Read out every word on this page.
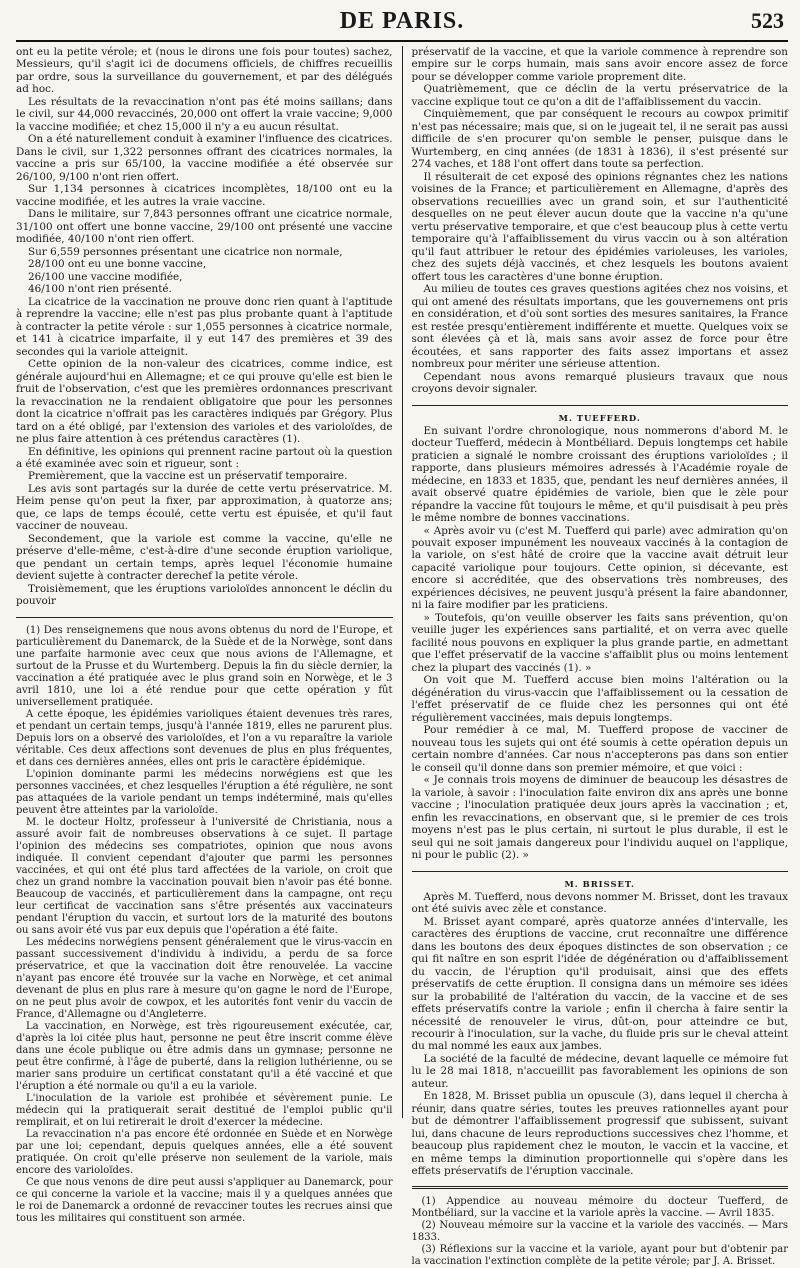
DE PARIS.	523

ont eu la petite vérole; et (nous le dirons une fois pour toutes) sachez, Messieurs, qu'il s'agit ici de documens officiels, de chiffres recueillis par ordre, sous la surveillance du gouvernement, et par des délégués ad hoc.

Les résultats de la revaccination n'ont pas été moins saillans; dans le civil, sur 44,000 revaccinés, 20,000 ont offert la vraie vaccine; 9,000 la vaccine modifiée; et chez 15,000 il n'y a eu aucun résultat.

On a été naturellement conduit à examiner l'influence des cicatrices. Dans le civil, sur 1,322 personnes offrant des cicatrices normales, la vaccine a pris sur 65/100, la vaccine modifiée a été observée sur 26/100, 9/100 n'ont rien offert.

Sur 1,134 personnes à cicatrices incomplètes, 18/100 ont eu la vaccine modifiée, et les autres la vraie vaccine.

Dans le militaire, sur 7,843 personnes offrant une cicatrice normale, 31/100 ont offert une bonne vaccine, 29/100 ont présenté une vaccine modifiée, 40/100 n'ont rien offert.

Sur 6,559 personnes présentant une cicatrice non normale,

28/100 ont eu une bonne vaccine,

26/100 une vaccine modifiée,

46/100 n'ont rien présenté.

La cicatrice de la vaccination ne prouve donc rien quant à l'aptitude à reprendre la vaccine; elle n'est pas plus probante quant à l'aptitude à contracter la petite vérole : sur 1,055 personnes à cicatrice normale, et 141 à cicatrice imparfaite, il y eut 147 des premières et 39 des secondes qui la variole atteignit.

Cette opinion de la non-valeur des cicatrices, comme indice, est générale aujourd'hui en Allemagne; et ce qui prouve qu'elle est bien le fruit de l'observation, c'est que les premières ordonnances prescrivant la revaccination ne la rendaient obligatoire que pour les personnes dont la cicatrice n'offrait pas les caractères indiqués par Grégory. Plus tard on a été obligé, par l'extension des varioles et des varioloïdes, de ne plus faire attention à ces prétendus caractères (1).

En définitive, les opinions qui prennent racine partout où la question a été examinée avec soin et rigueur, sont :

Premièrement, que la vaccine est un préservatif temporaire.

Les avis sont partagés sur la durée de cette vertu préservatrice. M. Heim pense qu'on peut la fixer, par approximation, à quatorze ans; que, ce laps de temps écoulé, cette vertu est épuisée, et qu'il faut vacciner de nouveau.

Secondement, que la variole est comme la vaccine, qu'elle ne préserve d'elle-même, c'est-à-dire d'une seconde éruption variolique, que pendant un certain temps, après lequel l'économie humaine devient sujette à contracter derechef la petite vérole.

Troisièmement, que les éruptions varioloïdes annoncent le déclin du pouvoir

(1) Des renseignemens que nous avons obtenus du nord de l'Europe, et particulièrement du Danemarck, de la Suède et de la Norwège, sont dans une parfaite harmonie avec ceux que nous avions de l'Allemagne, et surtout de la Prusse et du Wurtemberg. Depuis la fin du siècle dernier, la vaccination a été pratiquée avec le plus grand soin en Norwège, et le 3 avril 1810, une loi a été rendue pour que cette opération y fût universellement pratiquée.

A cette époque, les épidémies varioliques étaient devenues très rares, et pendant un certain temps, jusqu'à l'année 1819, elles ne parurent plus. Depuis lors on a observé des varioloïdes, et l'on a vu reparaître la variole véritable. Ces deux affections sont devenues de plus en plus fréquentes, et dans ces dernières années, elles ont pris le caractère épidémique.

L'opinion dominante parmi les médecins norwégiens est que les personnes vaccinées, et chez lesquelles l'éruption a été régulière, ne sont pas attaquées de la variole pendant un temps indéterminé, mais qu'elles peuvent être atteintes par la varioloïde.

M. le docteur Holtz, professeur à l'université de Christiania, nous a assuré avoir fait de nombreuses observations à ce sujet. Il partage l'opinion des médecins ses compatriotes, opinion que nous avons indiquée. Il convient cependant d'ajouter que parmi les personnes vaccinées, et qui ont été plus tard affectées de la variole, on croit que chez un grand nombre la vaccination pouvait bien n'avoir pas été bonne. Beaucoup de vaccinés, et particulièrement dans la campagne, ont reçu leur certificat de vaccination sans s'être présentés aux vaccinateurs pendant l'éruption du vaccin, et surtout lors de la maturité des boutons ou sans avoir été vus par eux depuis que l'opération a été faite.

Les médecins norwégiens pensent généralement que le virus-vaccin en passant successivement d'individu à individu, a perdu de sa force préservatrice, et que la vaccination doit être renouvelée. La vaccine n'ayant pas encore été trouvée sur la vache en Norwège, et cet animal devenant de plus en plus rare à mesure qu'on gagne le nord de l'Europe, on ne peut plus avoir de cowpox, et les autorités font venir du vaccin de France, d'Allemagne ou d'Angleterre.

La vaccination, en Norwège, est très rigoureusement exécutée, car, d'après la loi citée plus haut, personne ne peut être inscrit comme élève dans une école publique ou être admis dans un gymnase; personne ne peut être confirmé, à l'âge de puberté, dans la religion luthérienne, ou se marier sans produire un certificat constatant qu'il a été vacciné et que l'éruption a été normale ou qu'il a eu la variole.

L'inoculation de la variole est prohibée et sévèrement punie. Le médecin qui la pratiquerait serait destitué de l'emploi public qu'il remplirait, et on lui retirerait le droit d'exercer la médecine.

La revaccination n'a pas encore été ordonnée en Suède et en Norwège par une loi; cependant, depuis quelques années, elle a été souvent pratiquée. On croit qu'elle préserve non seulement de la variole, mais encore des varioloïdes.

Ce que nous venons de dire peut aussi s'appliquer au Danemarck, pour ce qui concerne la variole et la vaccine; mais il y a quelques années que le roi de Danemarck a ordonné de revacciner toutes les recrues ainsi que tous les militaires qui constituent son armée.

préservatif de la vaccine, et que la variole commence à reprendre son empire sur le corps humain, mais sans avoir encore assez de force pour se développer comme variole proprement dite.

Quatrièmement, que ce déclin de la vertu préservatrice de la vaccine explique tout ce qu'on a dit de l'affaiblissement du vaccin.

Cinquièmement, que par conséquent le recours au cowpox primitif n'est pas nécessaire; mais que, si on le jugeait tel, il ne serait pas aussi difficile de s'en procurer qu'on semble le penser, puisque dans le Wurtemberg, en cinq années (de 1831 à 1836), il s'est présenté sur 274 vaches, et 188 l'ont offert dans toute sa perfection.

Il résulterait de cet exposé des opinions régnantes chez les nations voisines de la France; et particulièrement en Allemagne, d'après des observations recueillies avec un grand soin, et sur l'authenticité desquelles on ne peut élever aucun doute que la vaccine n'a qu'une vertu préservative temporaire, et que c'est beaucoup plus à cette vertu temporaire qu'à l'affaiblissement du virus vaccin ou à son altération qu'il faut attribuer le retour des épidémies varioleuses, les varioles, chez des sujets déjà vaccinés, et chez lesquels les boutons avaient offert tous les caractères d'une bonne éruption.

Au milieu de toutes ces graves questions agitées chez nos voisins, et qui ont amené des résultats importans, que les gouvernemens ont pris en considération, et d'où sont sorties des mesures sanitaires, la France est restée presqu'entièrement indifférente et muette. Quelques voix se sont élevées çà et là, mais sans avoir assez de force pour être écoutées, et sans rapporter des faits assez importans et assez nombreux pour mériter une sérieuse attention.

Cependant nous avons remarqué plusieurs travaux que nous croyons devoir signaler.

M. TUEFFERD.

En suivant l'ordre chronologique, nous nommerons d'abord M. le docteur Tuefferd, médecin à Montbéliard. Depuis longtemps cet habile praticien a signalé le nombre croissant des éruptions varioloïdes ; il rapporte, dans plusieurs mémoires adressés à l'Académie royale de médecine, en 1833 et 1835, que, pendant les neuf dernières années, il avait observé quatre épidémies de variole, bien que le zèle pour répandre la vaccine fût toujours le même, et qu'il puisdisait à peu près le même nombre de bonnes vaccinations.

« Après avoir vu (c'est M. Tuefferd qui parle) avec admiration qu'on pouvait exposer impunément les nouveaux vaccinés à la contagion de la variole, on s'est hâté de croire que la vaccine avait détruit leur capacité variolique pour toujours. Cette opinion, si décevante, est encore si accréditée, que des observations très nombreuses, des expériences décisives, ne peuvent jusqu'à présent la faire abandonner, ni la faire modifier par les praticiens.

» Toutefois, qu'on veuille observer les faits sans prévention, qu'on veuille juger les expériences sans partialité, et on verra avec quelle facilité nous pouvons en expliquer la plus grande partie, en admettant que l'effet préservatif de la vaccine s'affaiblit plus ou moins lentement chez la plupart des vaccinés (1). »

On voit que M. Tuefferd accuse bien moins l'altération ou la dégénération du virus-vaccin que l'affaiblissement ou la cessation de l'effet préservatif de ce fluide chez les personnes qui ont été régulièrement vaccinées, mais depuis longtemps.

Pour remédier à ce mal, M. Tuefferd propose de vacciner de nouveau tous les sujets qui ont été soumis à cette opération depuis un certain nombre d'années. Car nous n'accepterons pas dans son entier le conseil qu'il donne dans son premier mémoire, et que voici :

« Je connais trois moyens de diminuer de beaucoup les désastres de la variole, à savoir : l'inoculation faite environ dix ans après une bonne vaccine ; l'inoculation pratiquée deux jours après la vaccination ; et, enfin les revaccinations, en observant que, si le premier de ces trois moyens n'est pas le plus certain, ni surtout le plus durable, il est le seul qui ne soit jamais dangereux pour l'individu auquel on l'applique, ni pour le public (2). »

M. BRISSET.

Après M. Tuefferd, nous devons nommer M. Brisset, dont les travaux ont été suivis avec zèle et constance.

M. Brisset ayant comparé, après quatorze années d'intervalle, les caractères des éruptions de vaccine, crut reconnaître une différence dans les boutons des deux époques distinctes de son observation ; ce qui fit naître en son esprit l'idée de dégénération ou d'affaiblissement du vaccin, de l'éruption qu'il produisait, ainsi que des effets préservatifs de cette éruption. Il consigna dans un mémoire ses idées sur la probabilité de l'altération du vaccin, de la vaccine et de ses effets préservatifs contre la variole ; enfin il chercha à faire sentir la nécessité de renouveler le virus, dût-on, pour atteindre ce but, recourir à l'inoculation, sur la vache, du fluide pris sur le cheval atteint du mal nommé les eaux aux jambes.

La société de la faculté de médecine, devant laquelle ce mémoire fut lu le 28 mai 1818, n'accueillit pas favorablement les opinions de son auteur.

En 1828, M. Brisset publia un opuscule (3), dans lequel il chercha à réunir, dans quatre séries, toutes les preuves rationnelles ayant pour but de démontrer l'affaiblissement progressif que subissent, suivant lui, dans chacune de leurs reproductions successives chez l'homme, et beaucoup plus rapidement chez le mouton, le vaccin et la vaccine, et en même temps la diminution proportionnelle qui s'opère dans les effets préservatifs de l'éruption vaccinale.

(1) Appendice au nouveau mémoire du docteur Tuefferd, de Montbéliard, sur la vaccine et la variole après la vaccine. — Avril 1835.

(2) Nouveau mémoire sur la vaccine et la variole des vaccinés. — Mars 1833.

(3) Réflexions sur la vaccine et la variole, ayant pour but d'obtenir par la vaccination l'extinction complète de la petite vérole; par J. A. Brisset.
